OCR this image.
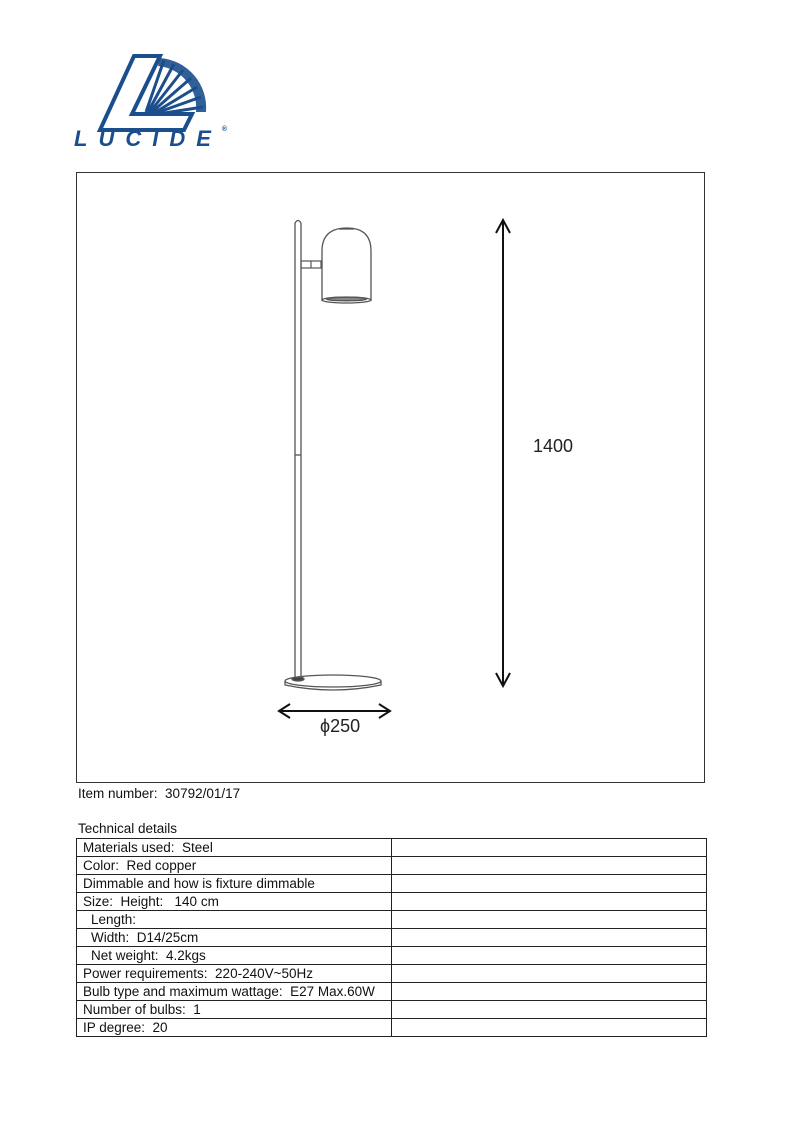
LUCIDE®
1400
ϕ250
Item number: 30792/01/17
Technical details
Materials used:  Steel	
Color:  Red copper	
Dimmable and how is fixture dimmable	
Size:  Height:   140 cm	
Length:	
Width:  D14/25cm	
Net weight:  4.2kgs	
Power requirements:  220-240V~50Hz	
Bulb type and maximum wattage:  E27 Max.60W	
Number of bulbs:  1	
IP degree:  20	
